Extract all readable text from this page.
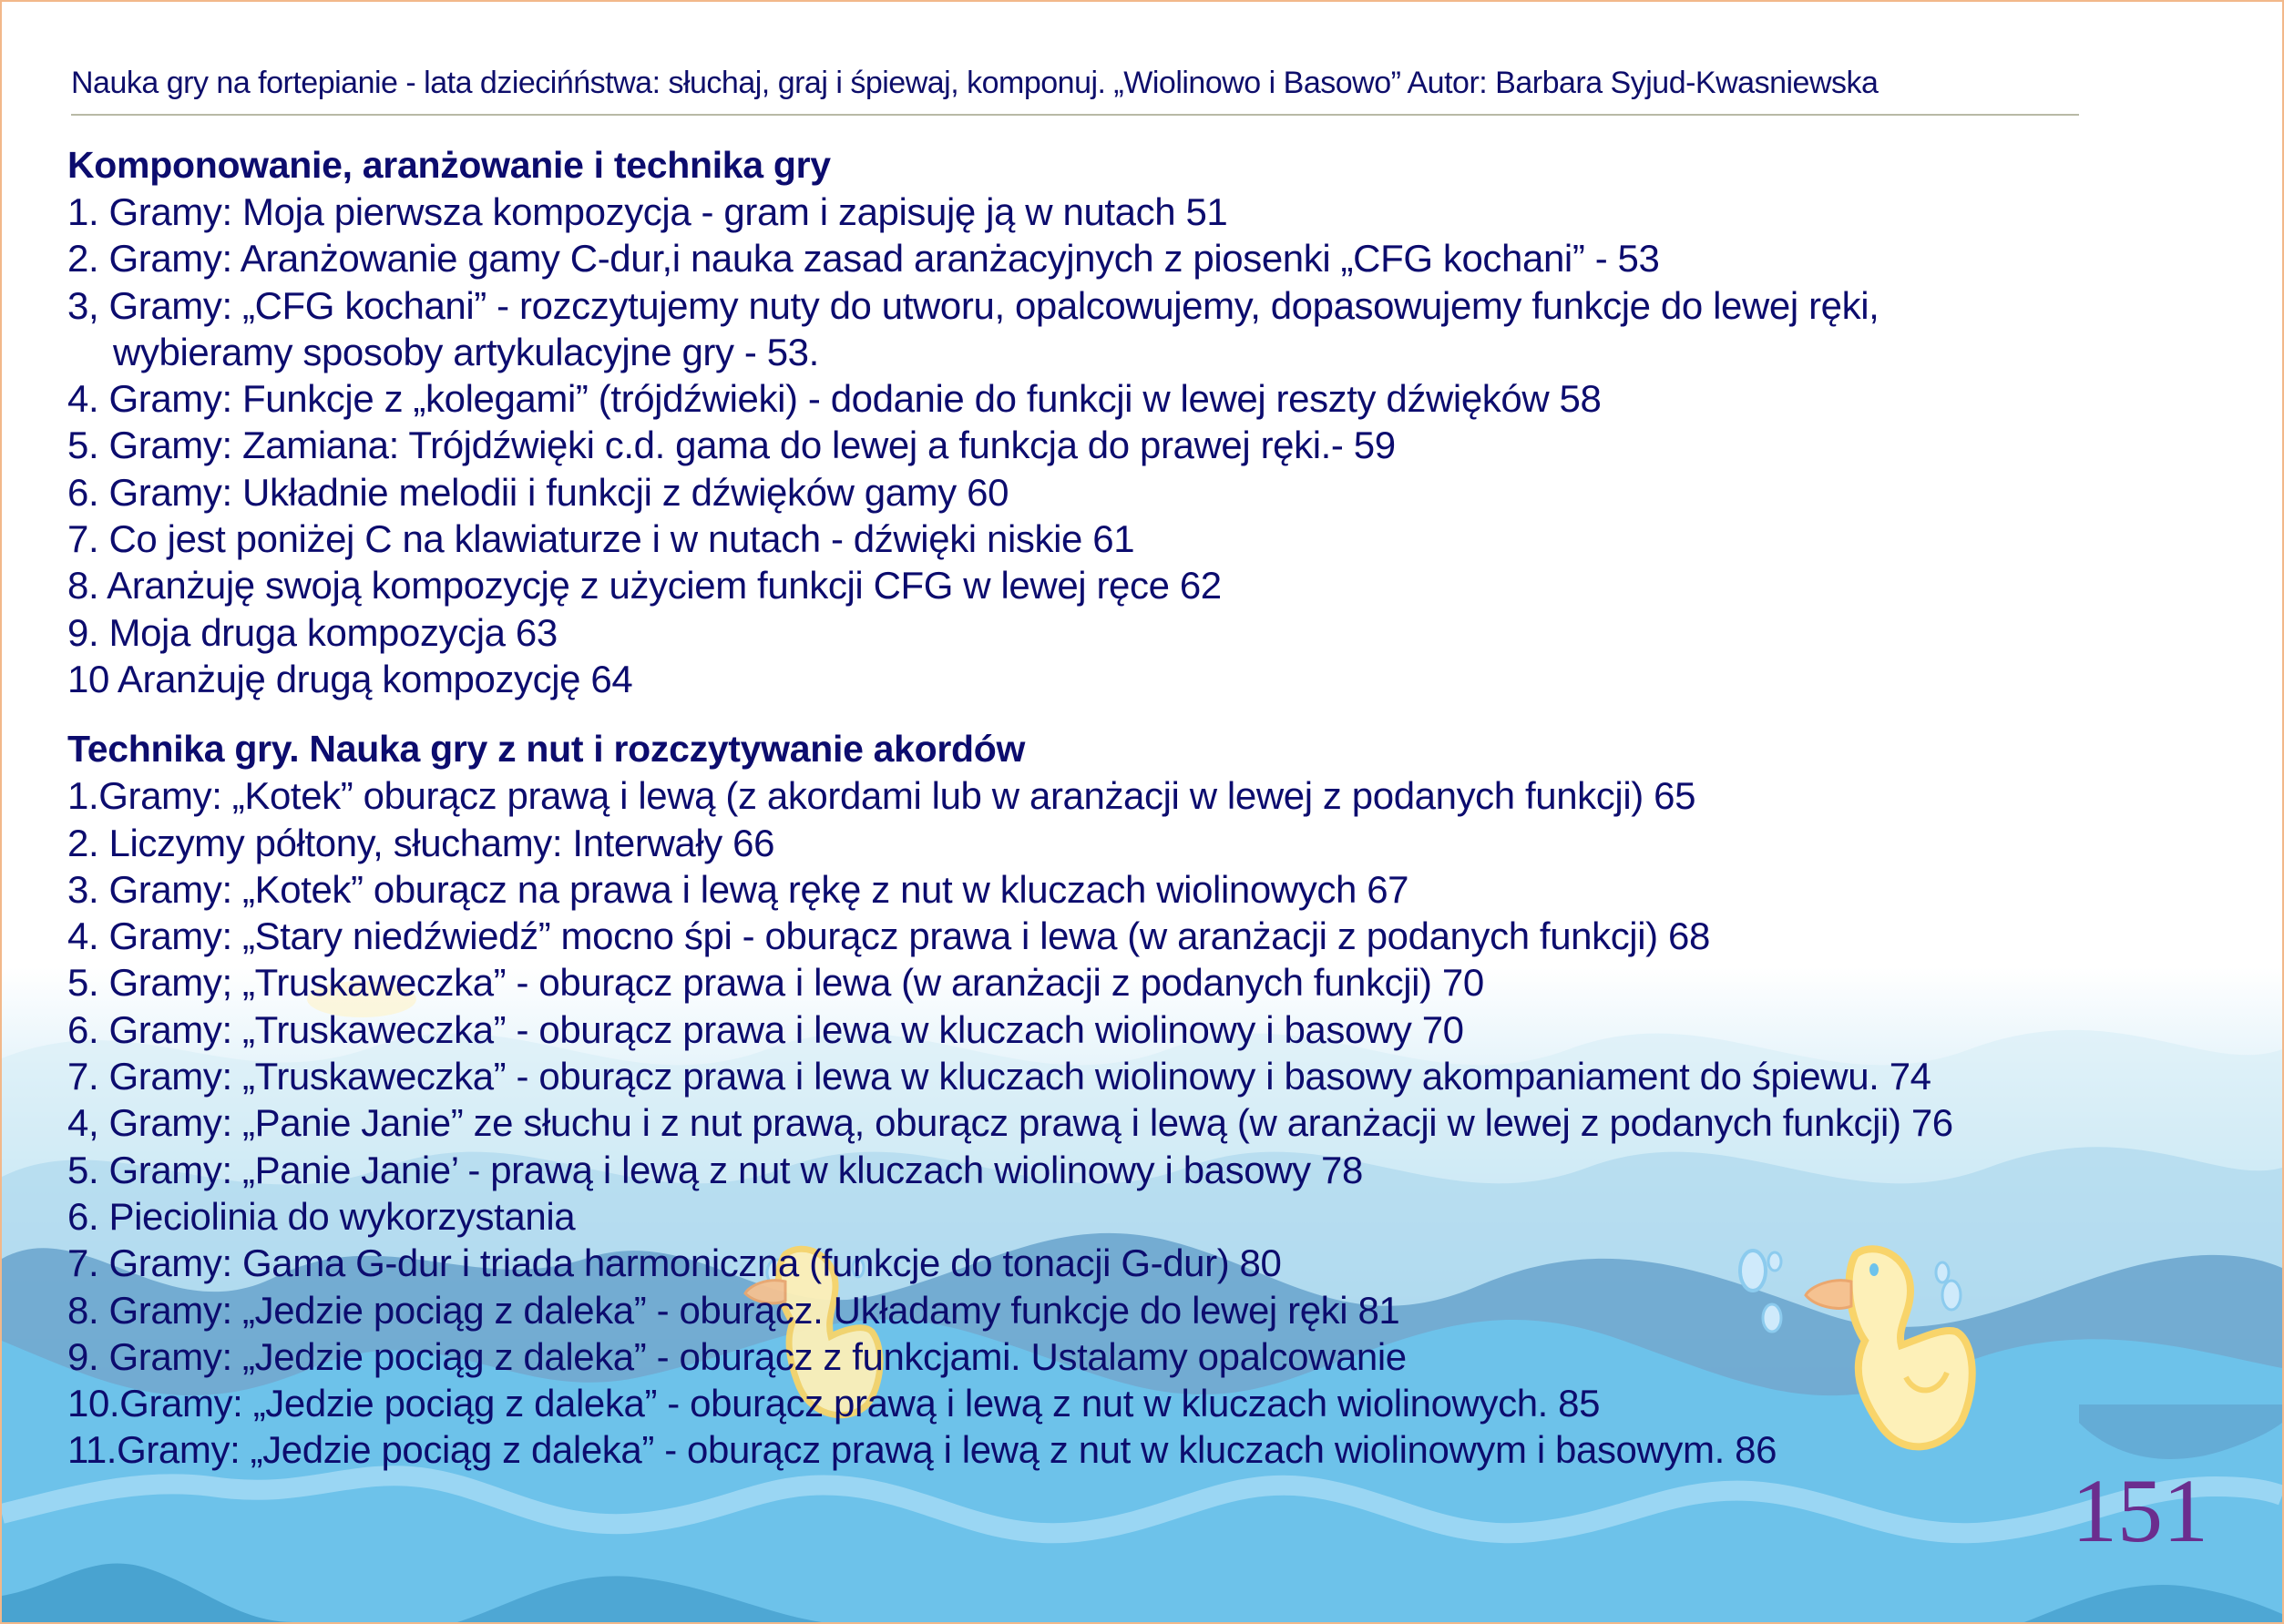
Nauka gry na fortepianie - lata dziecińństwa: słuchaj, graj i śpiewaj, komponuj. „Wiolinowo i Basowo” Autor: Barbara Syjud-Kwasniewska
Komponowanie, aranżowanie i technika gry
1. Gramy: Moja pierwsza kompozycja - gram i zapisuję ją w nutach 51
2. Gramy: Aranżowanie gamy C-dur,i nauka zasad aranżacyjnych z piosenki „CFG kochani” - 53
3, Gramy: „CFG kochani” - rozczytujemy nuty do utworu, opalcowujemy, dopasowujemy funkcje do lewej ręki,
wybieramy sposoby artykulacyjne gry - 53.
4. Gramy: Funkcje z „kolegami” (trójdźwieki) - dodanie do funkcji w lewej reszty dźwięków 58
5. Gramy: Zamiana: Trójdźwięki c.d. gama do lewej a funkcja do prawej ręki.- 59
6. Gramy: Układnie melodii i funkcji z dźwięków gamy 60
7. Co jest poniżej C na klawiaturze i w nutach - dźwięki niskie 61
8. Aranżuję swoją kompozycję z użyciem funkcji CFG w lewej ręce 62
9. Moja druga kompozycja 63
10 Aranżuję drugą kompozycję 64
Technika gry. Nauka gry z nut i rozczytywanie akordów
1.Gramy: „Kotek” oburącz prawą i lewą (z akordami lub w aranżacji w lewej z podanych funkcji) 65
2. Liczymy półtony, słuchamy: Interwały 66
3. Gramy: „Kotek” oburącz na prawa i lewą rękę z nut w kluczach wiolinowych 67
4. Gramy: „Stary niedźwiedź” mocno śpi - oburącz prawa i lewa (w aranżacji z podanych funkcji) 68
5. Gramy; „Truskaweczka” - oburącz prawa i lewa (w aranżacji z podanych funkcji) 70
6. Gramy: „Truskaweczka” - oburącz prawa i lewa w kluczach wiolinowy i basowy 70
7. Gramy: „Truskaweczka” - oburącz prawa i lewa w kluczach wiolinowy i basowy akompaniament do śpiewu. 74
4, Gramy: „Panie Janie” ze słuchu i z nut prawą, oburącz prawą i lewą (w aranżacji w lewej z podanych funkcji) 76
5. Gramy: „Panie Janie’ - prawą i lewą z nut w kluczach wiolinowy i basowy 78
6. Pieciolinia do wykorzystania
7. Gramy: Gama G-dur i triada harmoniczna (funkcje do tonacji G-dur) 80
8. Gramy: „Jedzie pociąg z daleka” - oburącz. Układamy funkcje do lewej ręki 81
9. Gramy: „Jedzie pociąg z daleka” - oburącz z funkcjami. Ustalamy opalcowanie
10.Gramy: „Jedzie pociąg z daleka” - oburącz prawą i lewą z nut w kluczach wiolinowych. 85
11.Gramy: „Jedzie pociąg z daleka” - oburącz prawą i lewą z nut w kluczach wiolinowym i basowym. 86
151
